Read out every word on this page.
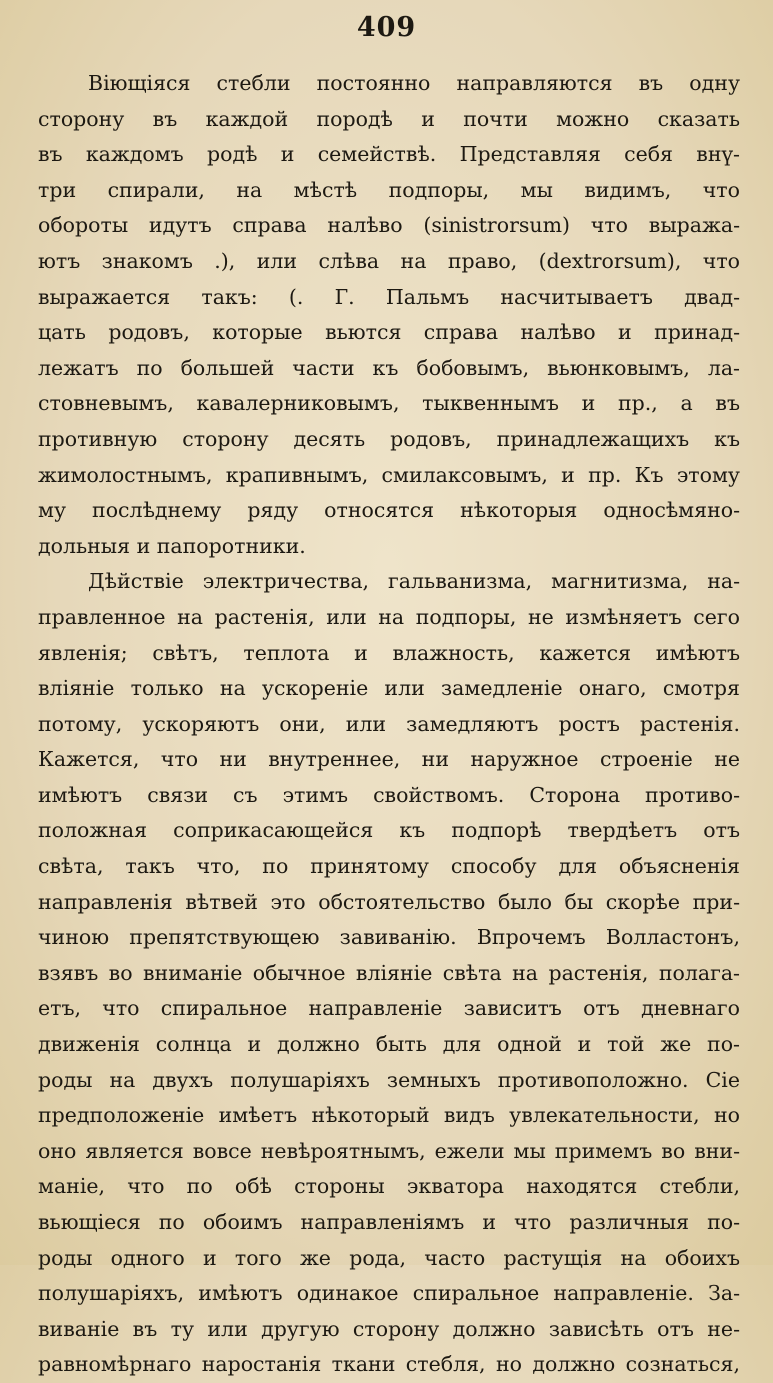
409
Віющіяся стебли постоянно направляются въ одну
сторону въ каждой породѣ и почти можно сказать
въ каждомъ родѣ и семействѣ. Представляя себя внү-
три спирали, на мѣстѣ подпоры, мы видимъ, что
обороты идутъ справа налѣво (sinistrorsum) что выража-
ютъ знакомъ .), или слѣва на право, (dextrorsum), что
выражается такъ: (. Г. Пальмъ насчитываетъ двад-
цать родовъ, которые вьются справа налѣво и принад-
лежатъ по большей части къ бобовымъ, вьюнковымъ, ла-
стовневымъ, кавалерниковымъ, тыквеннымъ и пр., а въ
противную сторону десять родовъ, принадлежащихъ къ
жимолостнымъ, крапивнымъ, смилаксовымъ, и пр. Къ этому
му послѣднему ряду относятся нѣкоторыя односѣмяно-
дольныя и папоротники.
Дѣйствіе электричества, гальванизма, магнитизма, на-
правленное на растенія, или на подпоры, не измѣняетъ сего
явленія; свѣтъ, теплота и влажность, кажется имѣютъ
вліяніе только на ускореніе или замедленіе онаго, смотря
потому, ускоряютъ они, или замедляютъ ростъ растенія.
Кажется, что ни внутреннее, ни наружное строеніе не
имѣютъ связи съ этимъ свойствомъ. Сторона противо-
положная соприкасающейся къ подпорѣ твердѣетъ отъ
свѣта, такъ что, по принятому способу для объясненія
направленія вѣтвей это обстоятельство было бы скорѣе при-
чиною препятствующею завиванію. Впрочемъ Волластонъ,
взявъ во вниманіе обычное вліяніе свѣта на растенія, полага-
етъ, что спиральное направленіе зависитъ отъ дневнаго
движенія солнца и должно быть для одной и той же по-
роды на двухъ полушаріяхъ земныхъ противоположно. Сіе
предположеніе имѣетъ нѣкоторый видъ увлекательности, но
оно является вовсе невѣроятнымъ, ежели мы примемъ во вни-
маніе, что по обѣ стороны экватора находятся стебли,
вьющіеся по обоимъ направленіямъ и что различныя по-
роды одного и того же рода, часто растущія на обоихъ
полушаріяхъ, имѣютъ одинакое спиральное направленіе. За-
виваніе въ ту или другую сторону должно зависѣть отъ не-
равномѣрнаго наростанія ткани стебля, но должно сознаться,
